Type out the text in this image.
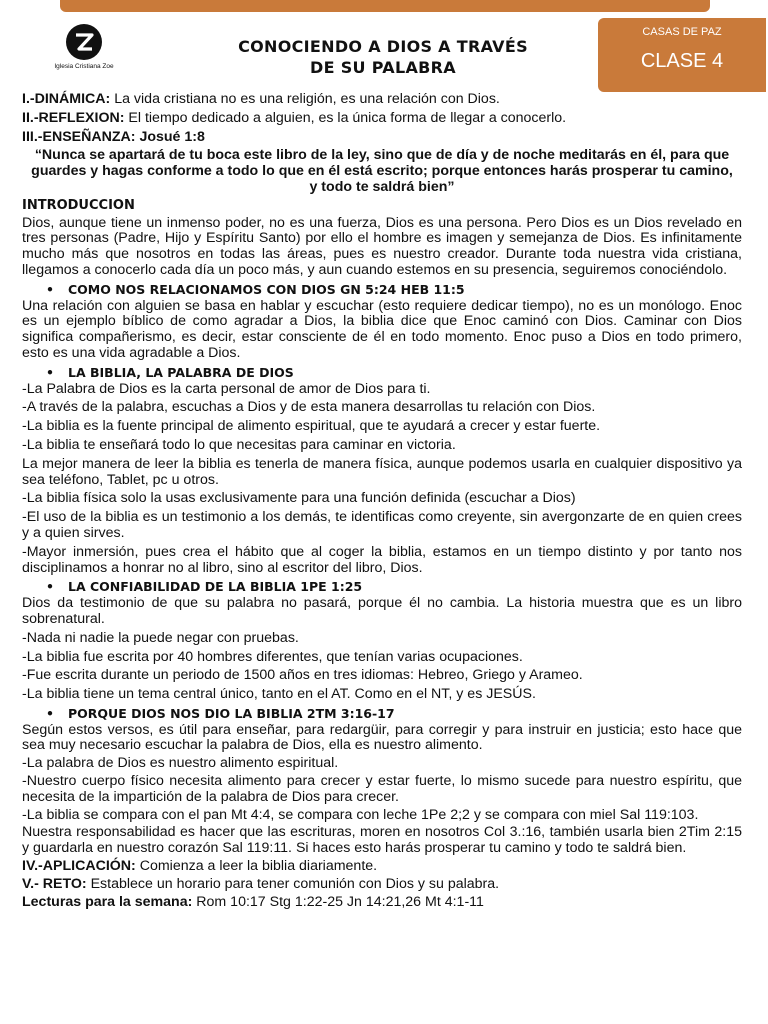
Iglesia Cristiana Zoe
CONOCIENDO A DIOS A TRAVÉS
DE SU PALABRA
CASAS DE PAZ
CLASE 4

I.-DINÁMICA: La vida cristiana no es una religión, es una relación con Dios.

II.-REFLEXION: El tiempo dedicado a alguien, es la única forma de llegar a conocerlo.

III.-ENSEÑANZA: Josué 1:8

“Nunca se apartará de tu boca este libro de la ley, sino que de día y de noche meditarás en él, para que guardes y hagas conforme a todo lo que en él está escrito; porque entonces harás prosperar tu camino, y todo te saldrá bien”

INTRODUCCION

Dios, aunque tiene un inmenso poder, no es una fuerza, Dios es una persona. Pero Dios es un Dios revelado en tres personas (Padre, Hijo y Espíritu Santo) por ello el hombre es imagen y semejanza de Dios. Es infinitamente mucho más que nosotros en todas las áreas, pues es nuestro creador. Durante toda nuestra vida cristiana, llegamos a conocerlo cada día un poco más, y aun cuando estemos en su presencia, seguiremos conociéndolo.

•	COMO NOS RELACIONAMOS CON DIOS GN 5:24 HEB 11:5

Una relación con alguien se basa en hablar y escuchar (esto requiere dedicar tiempo), no es un monólogo. Enoc es un ejemplo bíblico de como agradar a Dios, la biblia dice que Enoc caminó con Dios. Caminar con Dios significa compañerismo, es decir, estar consciente de él en todo momento. Enoc puso a Dios en todo primero, esto es una vida agradable a Dios.

•	LA BIBLIA, LA PALABRA DE DIOS

-La Palabra de Dios es la carta personal de amor de Dios para ti.

-A través de la palabra, escuchas a Dios y de esta manera desarrollas tu relación con Dios.

-La biblia es la fuente principal de alimento espiritual, que te ayudará a crecer y estar fuerte.

-La biblia te enseñará todo lo que necesitas para caminar en victoria.

La mejor manera de leer la biblia es tenerla de manera física, aunque podemos usarla en cualquier dispositivo ya sea teléfono, Tablet, pc u otros.

-La biblia física solo la usas exclusivamente para una función definida (escuchar a Dios)

-El uso de la biblia es un testimonio a los demás, te identificas como creyente, sin avergonzarte de en quien crees y a quien sirves.

-Mayor inmersión, pues crea el hábito que al coger la biblia, estamos en un tiempo distinto y por tanto nos disciplinamos a honrar no al libro, sino al escritor del libro, Dios.

•	LA CONFIABILIDAD DE LA BIBLIA 1PE 1:25

Dios da testimonio de que su palabra no pasará, porque él no cambia. La historia muestra que es un libro sobrenatural.

-Nada ni nadie la puede negar con pruebas.

-La biblia fue escrita por 40 hombres diferentes, que tenían varias ocupaciones.

-Fue escrita durante un periodo de 1500 años en tres idiomas: Hebreo, Griego y Arameo.

-La biblia tiene un tema central único, tanto en el AT. Como en el NT, y es JESÚS.

•	PORQUE DIOS NOS DIO LA BIBLIA 2TM 3:16-17

Según estos versos, es útil para enseñar, para redargüir, para corregir y para instruir en justicia; esto hace que sea muy necesario escuchar la palabra de Dios, ella es nuestro alimento.

-La palabra de Dios es nuestro alimento espiritual.

-Nuestro cuerpo físico necesita alimento para crecer y estar fuerte, lo mismo sucede para nuestro espíritu, que necesita de la impartición de la palabra de Dios para crecer.

-La biblia se compara con el pan Mt 4:4, se compara con leche 1Pe 2;2 y se compara con miel Sal 119:103.

Nuestra responsabilidad es hacer que las escrituras, moren en nosotros Col 3.:16, también usarla bien 2Tim 2:15 y guardarla en nuestro corazón Sal 119:11. Si haces esto harás prosperar tu camino y todo te saldrá bien.

IV.-APLICACIÓN: Comienza a leer la biblia diariamente.

V.- RETO: Establece un horario para tener comunión con Dios y su palabra.

Lecturas para la semana: Rom 10:17 Stg 1:22-25 Jn 14:21,26 Mt 4:1-11
